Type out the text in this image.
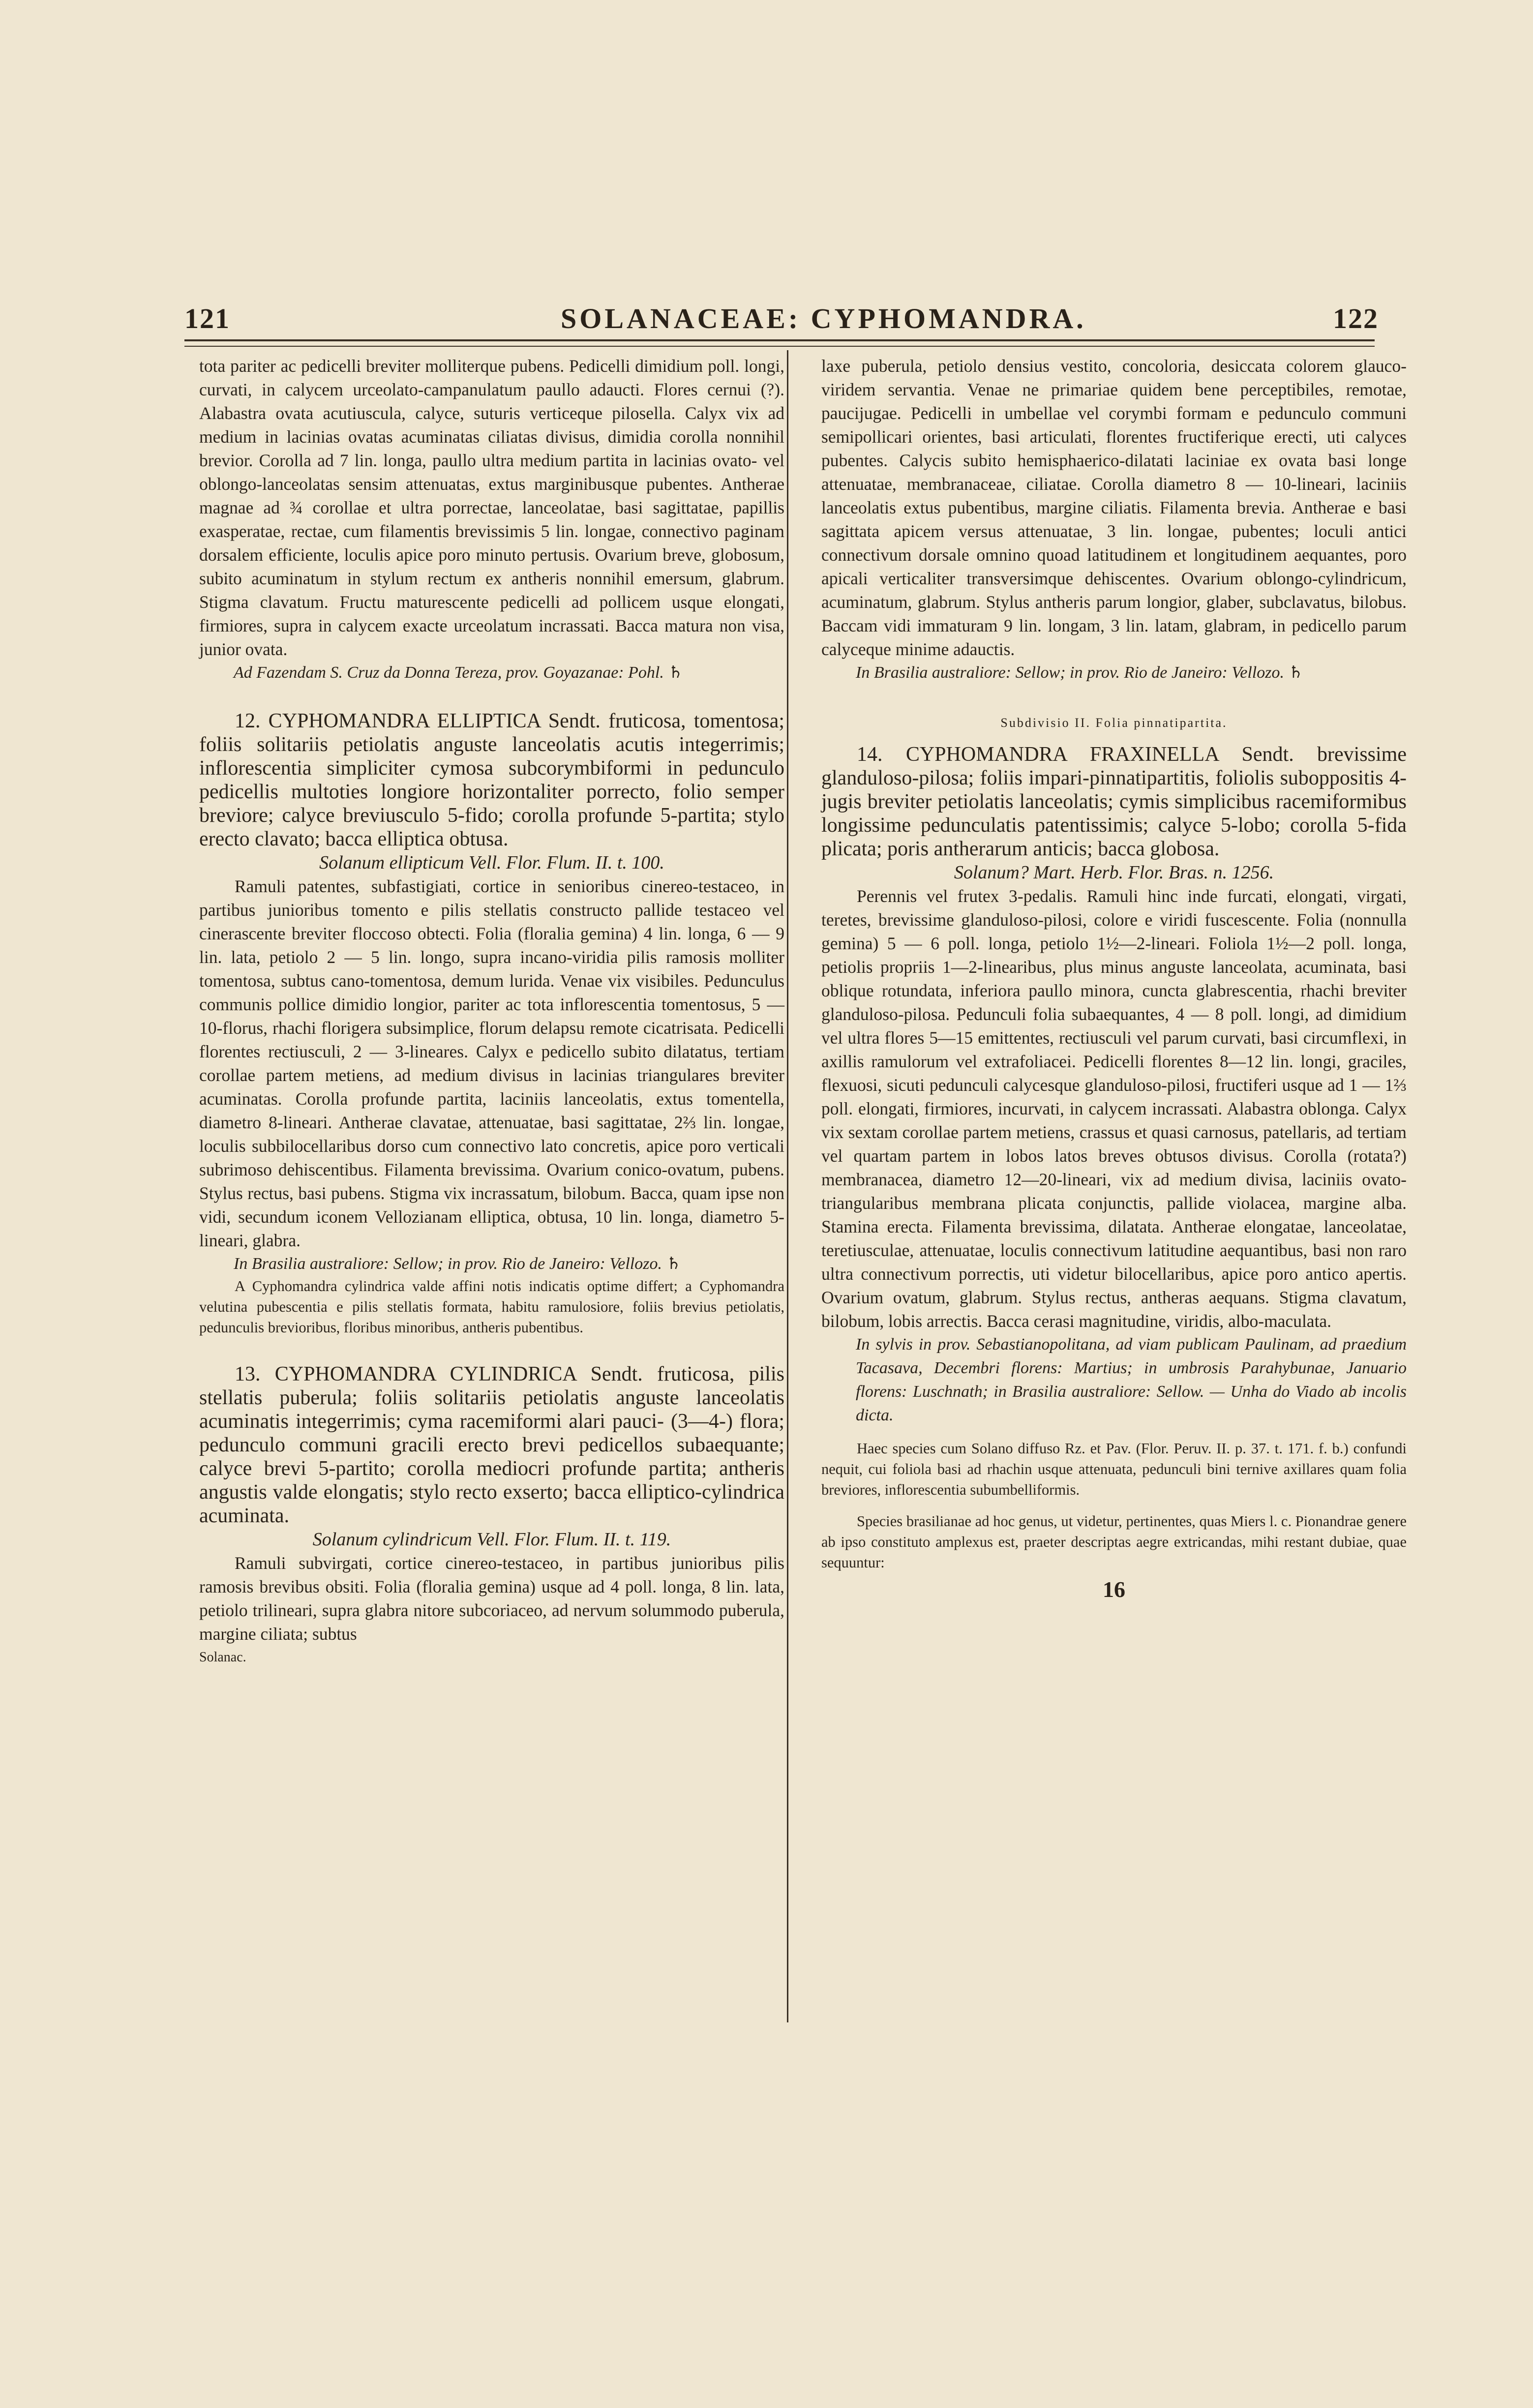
121	SOLANACEAE: CYPHOMANDRA.	122

tota pariter ac pedicelli breviter molliterque pubens. Pedicelli dimidium poll. longi, curvati, in calycem urceolato-campanulatum paullo adaucti. Flores cernui (?). Alabastra ovata acutiuscula, calyce, suturis verticeque pilosella. Calyx vix ad medium in lacinias ovatas acuminatas ciliatas divisus, dimidia corolla nonnihil brevior. Corolla ad 7 lin. longa, paullo ultra medium partita in lacinias ovato- vel oblongo-lanceolatas sensim attenuatas, extus marginibusque pubentes. Antherae magnae ad ¾ corollae et ultra porrectae, lanceolatae, basi sagittatae, papillis exasperatae, rectae, cum filamentis brevissimis 5 lin. longae, connectivo paginam dorsalem efficiente, loculis apice poro minuto pertusis. Ovarium breve, globosum, subito acuminatum in stylum rectum ex antheris nonnihil emersum, glabrum. Stigma clavatum. Fructu maturescente pedicelli ad pollicem usque elongati, firmiores, supra in calycem exacte urceolatum incrassati. Bacca matura non visa, junior ovata.

Ad Fazendam S. Cruz da Donna Tereza, prov. Goyazanae: Pohl. ♄

12. CYPHOMANDRA ELLIPTICA Sendt. fruticosa, tomentosa; foliis solitariis petiolatis anguste lanceolatis acutis integerrimis; inflorescentia simpliciter cymosa subcorymbiformi in pedunculo pedicellis multoties longiore horizontaliter porrecto, folio semper breviore; calyce breviusculo 5-fido; corolla profunde 5-partita; stylo erecto clavato; bacca elliptica obtusa.

Solanum ellipticum Vell. Flor. Flum. II. t. 100.

Ramuli patentes, subfastigiati, cortice in senioribus cinereo-testaceo, in partibus junioribus tomento e pilis stellatis constructo pallide testaceo vel cinerascente breviter floccoso obtecti. Folia (floralia gemina) 4 lin. longa, 6 — 9 lin. lata, petiolo 2 — 5 lin. longo, supra incano-viridia pilis ramosis molliter tomentosa, subtus cano-tomentosa, demum lurida. Venae vix visibiles. Pedunculus communis pollice dimidio longior, pariter ac tota inflorescentia tomentosus, 5 — 10-florus, rhachi florigera subsimplice, florum delapsu remote cicatrisata. Pedicelli florentes rectiusculi, 2 — 3-lineares. Calyx e pedicello subito dilatatus, tertiam corollae partem metiens, ad medium divisus in lacinias triangulares breviter acuminatas. Corolla profunde partita, laciniis lanceolatis, extus tomentella, diametro 8-lineari. Antherae clavatae, attenuatae, basi sagittatae, 2⅔ lin. longae, loculis subbilocellaribus dorso cum connectivo lato concretis, apice poro verticali subrimoso dehiscentibus. Filamenta brevissima. Ovarium conico-ovatum, pubens. Stylus rectus, basi pubens. Stigma vix incrassatum, bilobum. Bacca, quam ipse non vidi, secundum iconem Vellozianam elliptica, obtusa, 10 lin. longa, diametro 5-lineari, glabra.

In Brasilia australiore: Sellow; in prov. Rio de Janeiro: Vellozo. ♄

A Cyphomandra cylindrica valde affini notis indicatis optime differt; a Cyphomandra velutina pubescentia e pilis stellatis formata, habitu ramulosiore, foliis brevius petiolatis, pedunculis brevioribus, floribus minoribus, antheris pubentibus.

13. CYPHOMANDRA CYLINDRICA Sendt. fruticosa, pilis stellatis puberula; foliis solitariis petiolatis anguste lanceolatis acuminatis integerrimis; cyma racemiformi alari pauci- (3—4-) flora; pedunculo communi gracili erecto brevi pedicellos subaequante; calyce brevi 5-partito; corolla mediocri profunde partita; antheris angustis valde elongatis; stylo recto exserto; bacca elliptico-cylindrica acuminata.

Solanum cylindricum Vell. Flor. Flum. II. t. 119.

Ramuli subvirgati, cortice cinereo-testaceo, in partibus junioribus pilis ramosis brevibus obsiti. Folia (floralia gemina) usque ad 4 poll. longa, 8 lin. lata, petiolo trilineari, supra glabra nitore subcoriaceo, ad nervum solummodo puberula, margine ciliata; subtus

Solanac.

laxe puberula, petiolo densius vestito, concoloria, desiccata colorem glauco-viridem servantia. Venae ne primariae quidem bene perceptibiles, remotae, paucijugae. Pedicelli in umbellae vel corymbi formam e pedunculo communi semipollicari orientes, basi articulati, florentes fructiferique erecti, uti calyces pubentes. Calycis subito hemisphaerico-dilatati laciniae ex ovata basi longe attenuatae, membranaceae, ciliatae. Corolla diametro 8 — 10-lineari, laciniis lanceolatis extus pubentibus, margine ciliatis. Filamenta brevia. Antherae e basi sagittata apicem versus attenuatae, 3 lin. longae, pubentes; loculi antici connectivum dorsale omnino quoad latitudinem et longitudinem aequantes, poro apicali verticaliter transversimque dehiscentes. Ovarium oblongo-cylindricum, acuminatum, glabrum. Stylus antheris parum longior, glaber, subclavatus, bilobus. Baccam vidi immaturam 9 lin. longam, 3 lin. latam, glabram, in pedicello parum calyceque minime adauctis.

In Brasilia australiore: Sellow; in prov. Rio de Janeiro: Vellozo. ♄

Subdivisio II. Folia pinnatipartita.

14. CYPHOMANDRA FRAXINELLA Sendt. brevissime glanduloso-pilosa; foliis impari-pinnatipartitis, foliolis suboppositis 4-jugis breviter petiolatis lanceolatis; cymis simplicibus racemiformibus longissime pedunculatis patentissimis; calyce 5-lobo; corolla 5-fida plicata; poris antherarum anticis; bacca globosa.

Solanum? Mart. Herb. Flor. Bras. n. 1256.

Perennis vel frutex 3-pedalis. Ramuli hinc inde furcati, elongati, virgati, teretes, brevissime glanduloso-pilosi, colore e viridi fuscescente. Folia (nonnulla gemina) 5 — 6 poll. longa, petiolo 1½—2-lineari. Foliola 1½—2 poll. longa, petiolis propriis 1—2-linearibus, plus minus anguste lanceolata, acuminata, basi oblique rotundata, inferiora paullo minora, cuncta glabrescentia, rhachi breviter glanduloso-pilosa. Pedunculi folia subaequantes, 4 — 8 poll. longi, ad dimidium vel ultra flores 5—15 emittentes, rectiusculi vel parum curvati, basi circumflexi, in axillis ramulorum vel extrafoliacei. Pedicelli florentes 8—12 lin. longi, graciles, flexuosi, sicuti pedunculi calycesque glanduloso-pilosi, fructiferi usque ad 1 — 1⅔ poll. elongati, firmiores, incurvati, in calycem incrassati. Alabastra oblonga. Calyx vix sextam corollae partem metiens, crassus et quasi carnosus, patellaris, ad tertiam vel quartam partem in lobos latos breves obtusos divisus. Corolla (rotata?) membranacea, diametro 12—20-lineari, vix ad medium divisa, laciniis ovato-triangularibus membrana plicata conjunctis, pallide violacea, margine alba. Stamina erecta. Filamenta brevissima, dilatata. Antherae elongatae, lanceolatae, teretiusculae, attenuatae, loculis connectivum latitudine aequantibus, basi non raro ultra connectivum porrectis, uti videtur bilocellaribus, apice poro antico apertis. Ovarium ovatum, glabrum. Stylus rectus, antheras aequans. Stigma clavatum, bilobum, lobis arrectis. Bacca cerasi magnitudine, viridis, albo-maculata.

In sylvis in prov. Sebastianopolitana, ad viam publicam Paulinam, ad praedium Tacasava, Decembri florens: Martius; in umbrosis Parahybunae, Januario florens: Luschnath; in Brasilia australiore: Sellow. — Unha do Viado ab incolis dicta.

Haec species cum Solano diffuso Rz. et Pav. (Flor. Peruv. II. p. 37. t. 171. f. b.) confundi nequit, cui foliola basi ad rhachin usque attenuata, pedunculi bini ternive axillares quam folia breviores, inflorescentia subumbelliformis.

Species brasilianae ad hoc genus, ut videtur, pertinentes, quas Miers l. c. Pionandrae genere ab ipso constituto amplexus est, praeter descriptas aegre extricandas, mihi restant dubiae, quae sequuntur:

16
